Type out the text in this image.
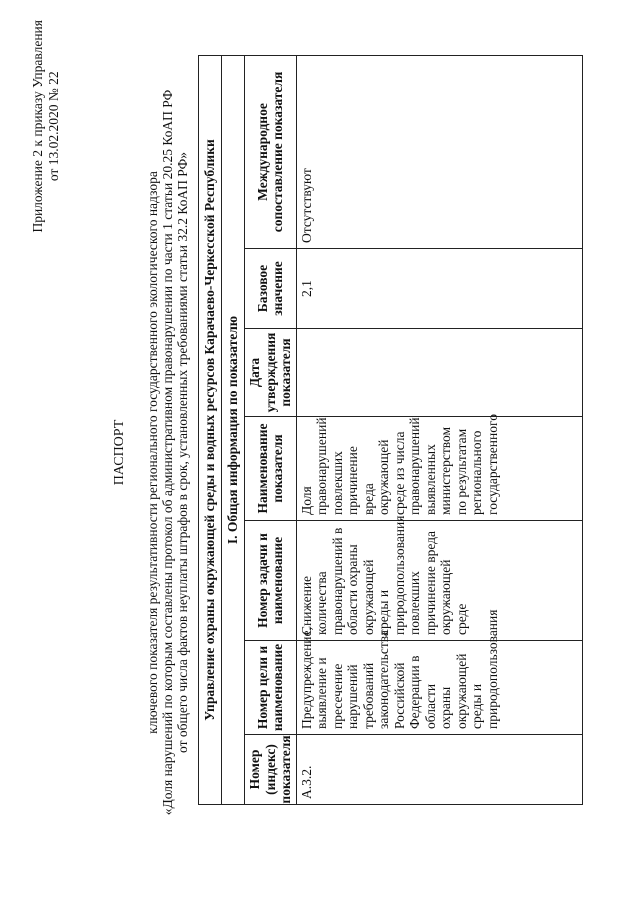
Приложение 2 к приказу Управления от 13.02.2020 № 22
ПАСПОРТ ключевого показателя результативности регионального государственного экологического надзора «Доля нарушений по которым составлены протокол об административном правонарушении по части 1 статьи 20.25 КоАП РФ от общего числа фактов неуплаты штрафов в срок, установленных требованиями статьи 32.2 КоАП РФ» Управление охраны окружающей среды и водных ресурсов Карачаево-Черкесской Республики I. Общая информация по показателю
Номер (индекс) показателя
Номер цели и наименование
Номер задачи и наименование
Наименование показателя
Дата утверждения показателя
Базовое значение
Международное сопоставление показателя
А.3.2.
Предупреждение, выявление и пресечение нарушений требований законодательства Российской Федерации в области охраны окружающей среды и природопользования
Снижение количества правонарушений в области охраны окружающей среды и природопользования повлекших причинение вреда окружающей среде
Доля правонарушений повлекших причинение вреда окружающей среде из числа правонарушений выявленных министерством по результатам регионального государственного
2,1
Отсутствуют
